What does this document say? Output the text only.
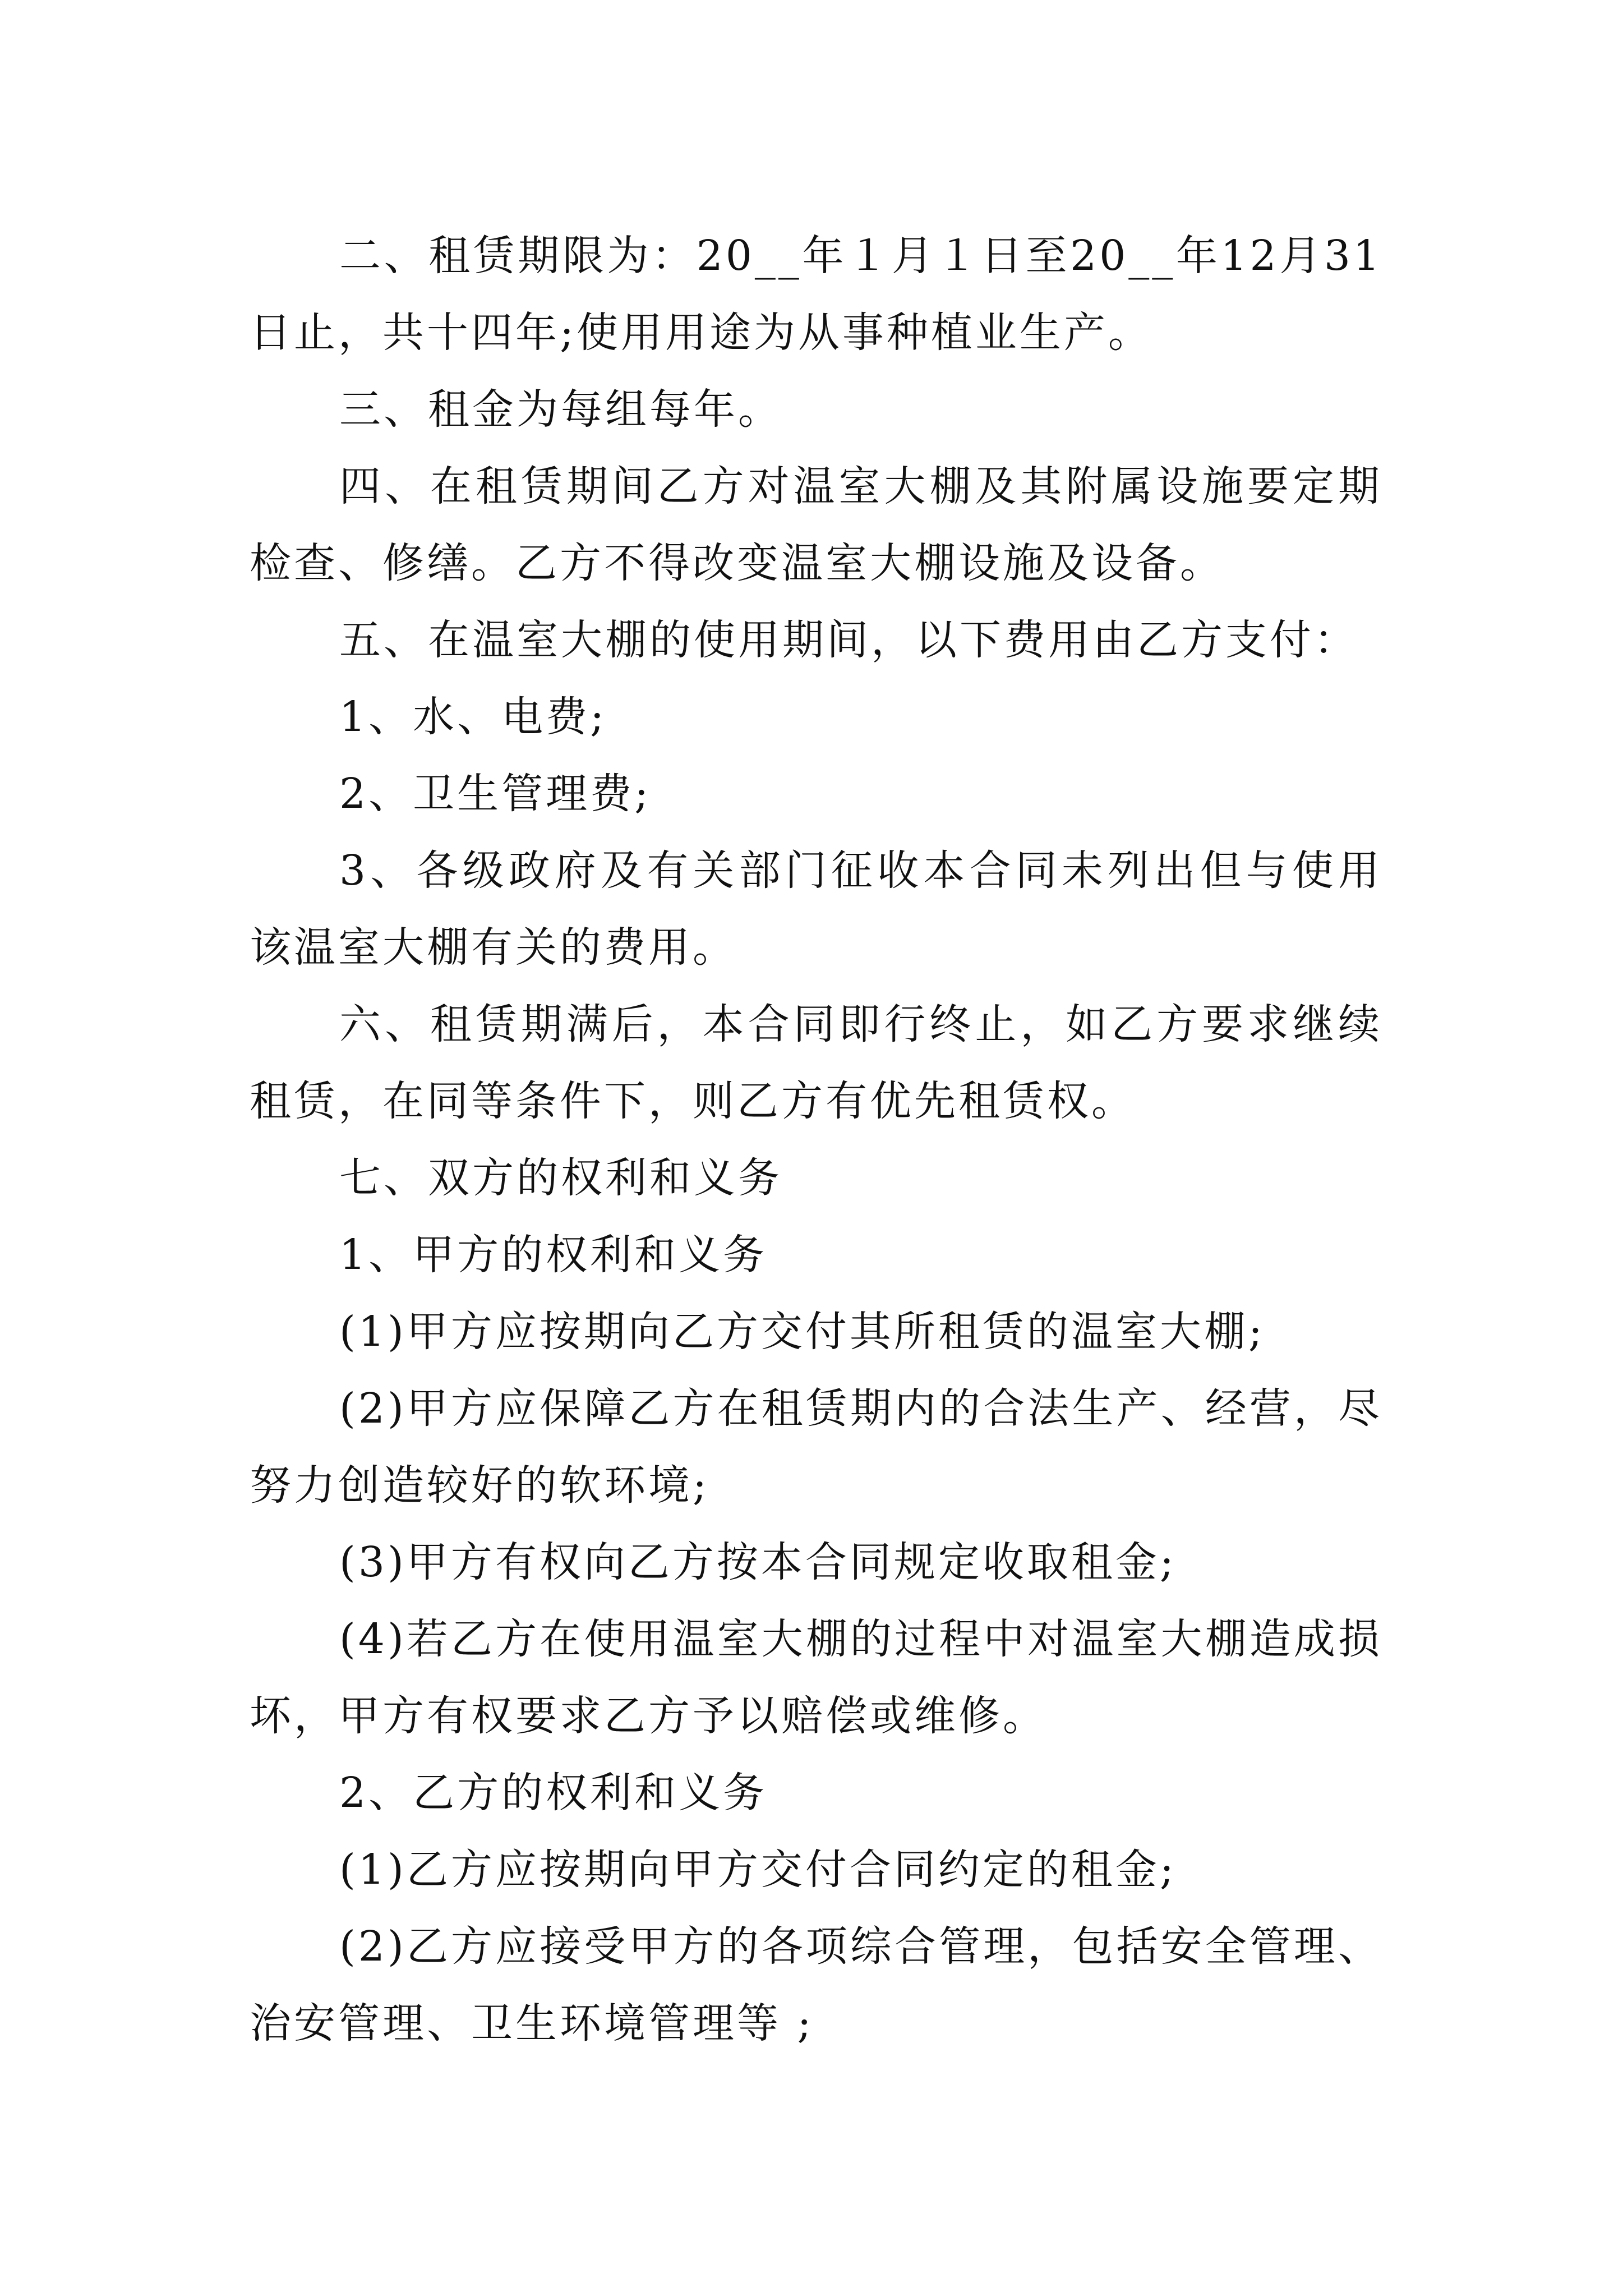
二、租赁期限为：20__年１月１日至20__年12月31日止，共十四年;使用用途为从事种植业生产。

三、租金为每组每年。

四、在租赁期间乙方对温室大棚及其附属设施要定期检查、修缮。乙方不得改变温室大棚设施及设备。

五、在温室大棚的使用期间，以下费用由乙方支付：

1、水、电费;

2、卫生管理费;

3、各级政府及有关部门征收本合同未列出但与使用该温室大棚有关的费用。

六、租赁期满后，本合同即行终止，如乙方要求继续租赁，在同等条件下，则乙方有优先租赁权。

七、双方的权利和义务

1、甲方的权利和义务

(1)甲方应按期向乙方交付其所租赁的温室大棚;

(2)甲方应保障乙方在租赁期内的合法生产、经营，尽努力创造较好的软环境;

(3)甲方有权向乙方按本合同规定收取租金;

(4)若乙方在使用温室大棚的过程中对温室大棚造成损坏，甲方有权要求乙方予以赔偿或维修。

2、乙方的权利和义务

(1)乙方应按期向甲方交付合同约定的租金;

(2)乙方应接受甲方的各项综合管理，包括安全管理、治安管理、卫生环境管理等 ;
